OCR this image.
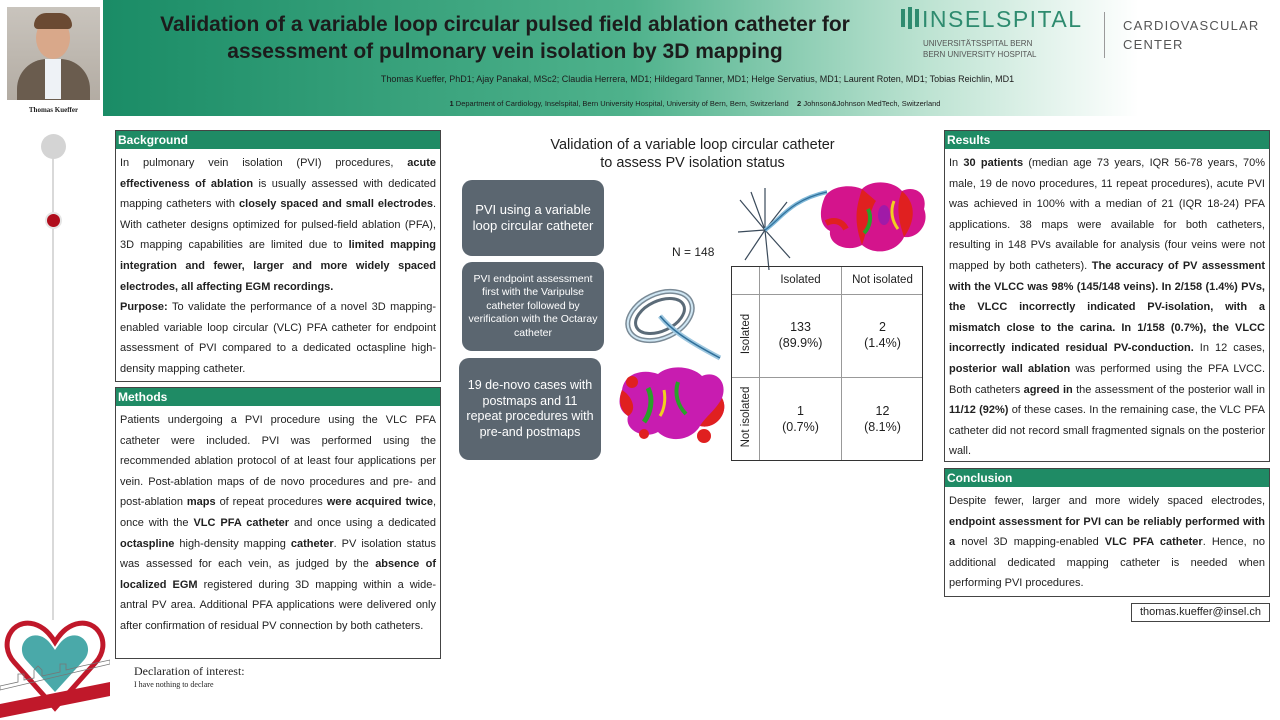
Thomas Kueffer
Validation of a variable loop circular pulsed field ablation catheter for
assessment of pulmonary vein isolation by 3D mapping
Thomas Kueffer, PhD1; Ajay Panakal, MSc2; Claudia Herrera, MD1; Hildegard Tanner, MD1; Helge Servatius, MD1; Laurent Roten, MD1; Tobias Reichlin, MD1
1 Department of Cardiology, Inselspital, Bern University Hospital, University of Bern, Bern, Switzerland 2 Johnson&Johnson MedTech, Switzerland
INSELSPITAL
UNIVERSITÄTSSPITAL BERN
BERN UNIVERSITY HOSPITAL
CARDIOVASCULAR
CENTER
Background

In pulmonary vein isolation (PVI) procedures, acute effectiveness of ablation is usually assessed with dedicated mapping catheters with closely spaced and small electrodes. With catheter designs optimized for pulsed-field ablation (PFA), 3D mapping capabilities are limited due to limited mapping integration and fewer, larger and more widely spaced electrodes, all affecting EGM recordings.

Purpose: To validate the performance of a novel 3D mapping-enabled variable loop circular (VLC) PFA catheter for endpoint assessment of PVI compared to a dedicated octaspline high-density mapping catheter.

Methods

Patients undergoing a PVI procedure using the VLC PFA catheter were included. PVI was performed using the recommended ablation protocol of at least four applications per vein. Post-ablation maps of de novo procedures and pre- and post-ablation maps of repeat procedures were acquired twice, once with the VLC PFA catheter and once using a dedicated octaspline high-density mapping catheter. PV isolation status was assessed for each vein, as judged by the absence of localized EGM registered during 3D mapping within a wide-antral PV area. Additional PFA applications were delivered only after confirmation of residual PV connection by both catheters.

Results

In 30 patients (median age 73 years, IQR 56-78 years, 70% male, 19 de novo procedures, 11 repeat procedures), acute PVI was achieved in 100% with a median of 21 (IQR 18-24) PFA applications. 38 maps were available for both catheters, resulting in 148 PVs available for analysis (four veins were not mapped by both catheters). The accuracy of PV assessment with the VLCC was 98% (145/148 veins). In 2/158 (1.4%) PVs, the VLCC incorrectly indicated PV-isolation, with a mismatch close to the carina. In 1/158 (0.7%), the VLCC incorrectly indicated residual PV-conduction. In 12 cases, posterior wall ablation was performed using the PFA LVCC. Both catheters agreed in the assessment of the posterior wall in 11/12 (92%) of these cases. In the remaining case, the VLC PFA catheter did not record small fragmented signals on the posterior wall.

Conclusion

Despite fewer, larger and more widely spaced electrodes, endpoint assessment for PVI can be reliably performed with a novel 3D mapping-enabled VLC PFA catheter. Hence, no additional dedicated mapping catheter is needed when performing PVI procedures.

thomas.kueffer@insel.ch
Declaration of interest:
I have nothing to declare
Validation of a variable loop circular catheter
to assess PV isolation status
PVI using a variable loop circular catheter
PVI endpoint assessment first with the Varipulse catheter followed by verification with the Octaray catheter
19 de-novo cases with postmaps and 11 repeat procedures with pre-and postmaps
N = 148
Isolated	Not isolated
Isolated
Not isolated
133
(89.9%)
2
(1.4%)
1
(0.7%)
12
(8.1%)
